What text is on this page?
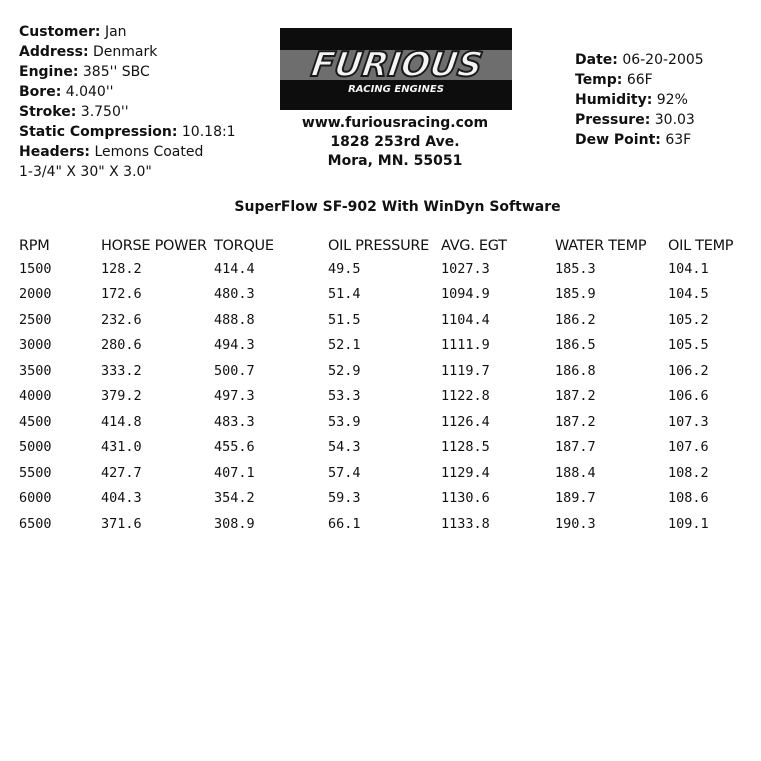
Customer: Jan
Address: Denmark
Engine: 385'' SBC
Bore: 4.040''
Stroke: 3.750''
Static Compression: 10.18:1
Headers: Lemons Coated
1-3/4" X 30" X 3.0"
FURIOUS
RACING ENGINES
www.furiousracing.com
1828 253rd Ave.
Mora, MN. 55051
Date: 06-20-2005
Temp: 66F
Humidity: 92%
Pressure: 30.03
Dew Point: 63F
SuperFlow SF-902 With WinDyn Software
RPM	HORSE POWER	TORQUE	OIL PRESSURE	AVG. EGT	WATER TEMP	OIL TEMP
1500	128.2	414.4	49.5	1027.3	185.3	104.1
2000	172.6	480.3	51.4	1094.9	185.9	104.5
2500	232.6	488.8	51.5	1104.4	186.2	105.2
3000	280.6	494.3	52.1	1111.9	186.5	105.5
3500	333.2	500.7	52.9	1119.7	186.8	106.2
4000	379.2	497.3	53.3	1122.8	187.2	106.6
4500	414.8	483.3	53.9	1126.4	187.2	107.3
5000	431.0	455.6	54.3	1128.5	187.7	107.6
5500	427.7	407.1	57.4	1129.4	188.4	108.2
6000	404.3	354.2	59.3	1130.6	189.7	108.6
6500	371.6	308.9	66.1	1133.8	190.3	109.1
